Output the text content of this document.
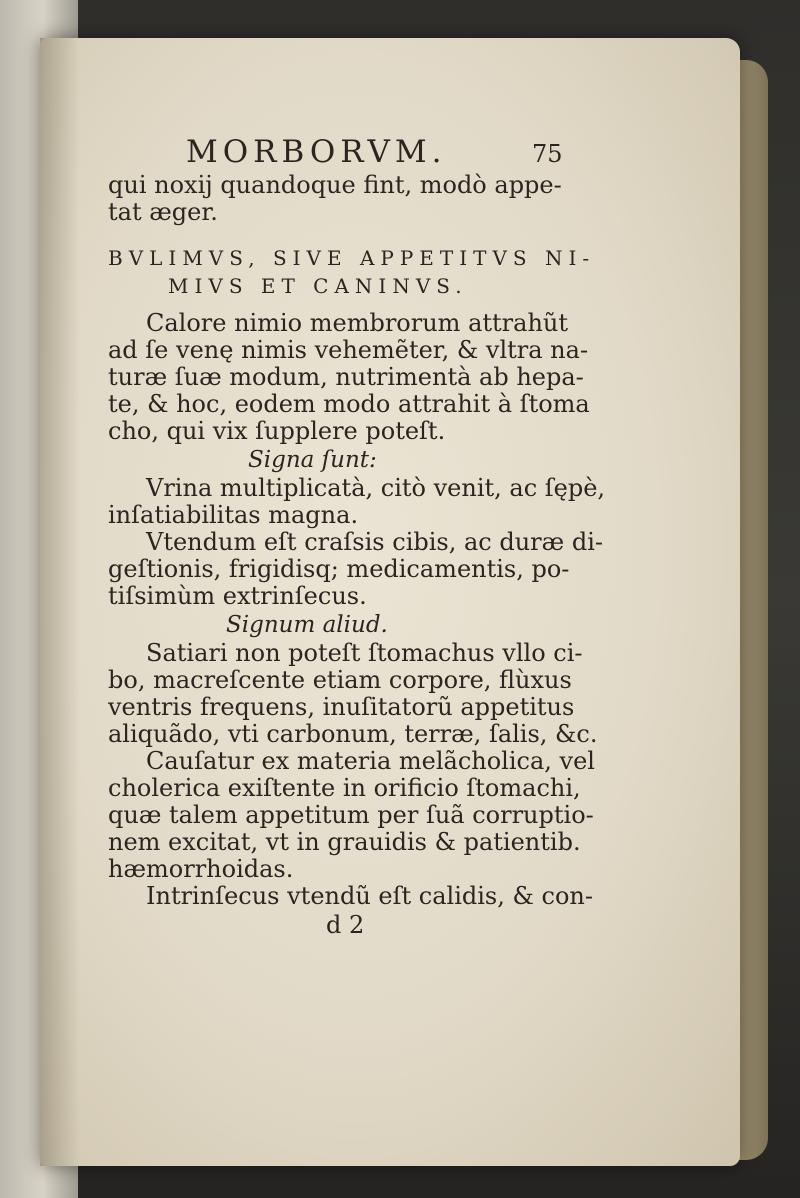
MORBORVM.	75
qui noxij quandoque fint, modò appe-
tat æger.
BVLIMVS, SIVE APPETITVS NI-
MIVS ET CANINVS.
Calore nimio membrorum attrahũt
ad ſe venę nimis vehemẽter, & vltra na-
turæ ſuæ modum, nutrimentà ab hepa-
te, & hoc, eodem modo attrahit à ſtoma
cho, qui vix ſupplere poteſt.
Signa ſunt:
Vrina multiplicatà, citò venit, ac ſępè,
inſatiabilitas magna.
Vtendum eſt craſsis cibis, ac duræ di-
geſtionis, frigidisq; medicamentis, po-
tiſsimùm extrinſecus.
Signum aliud.
Satiari non poteſt ſtomachus vllo ci-
bo, macreſcente etiam corpore, flùxus
ventris frequens, inuſitatorũ appetitus
aliquãdo, vti carbonum, terræ, ſalis, &c.
Cauſatur ex materia melãcholica, vel
cholerica exiſtente in orificio ſtomachi,
quæ talem appetitum per ſuã corruptio-
nem excitat, vt in grauidis & patientib.
hæmorrhoidas.
Intrinſecus vtendũ eſt calidis, & con-
d 2
